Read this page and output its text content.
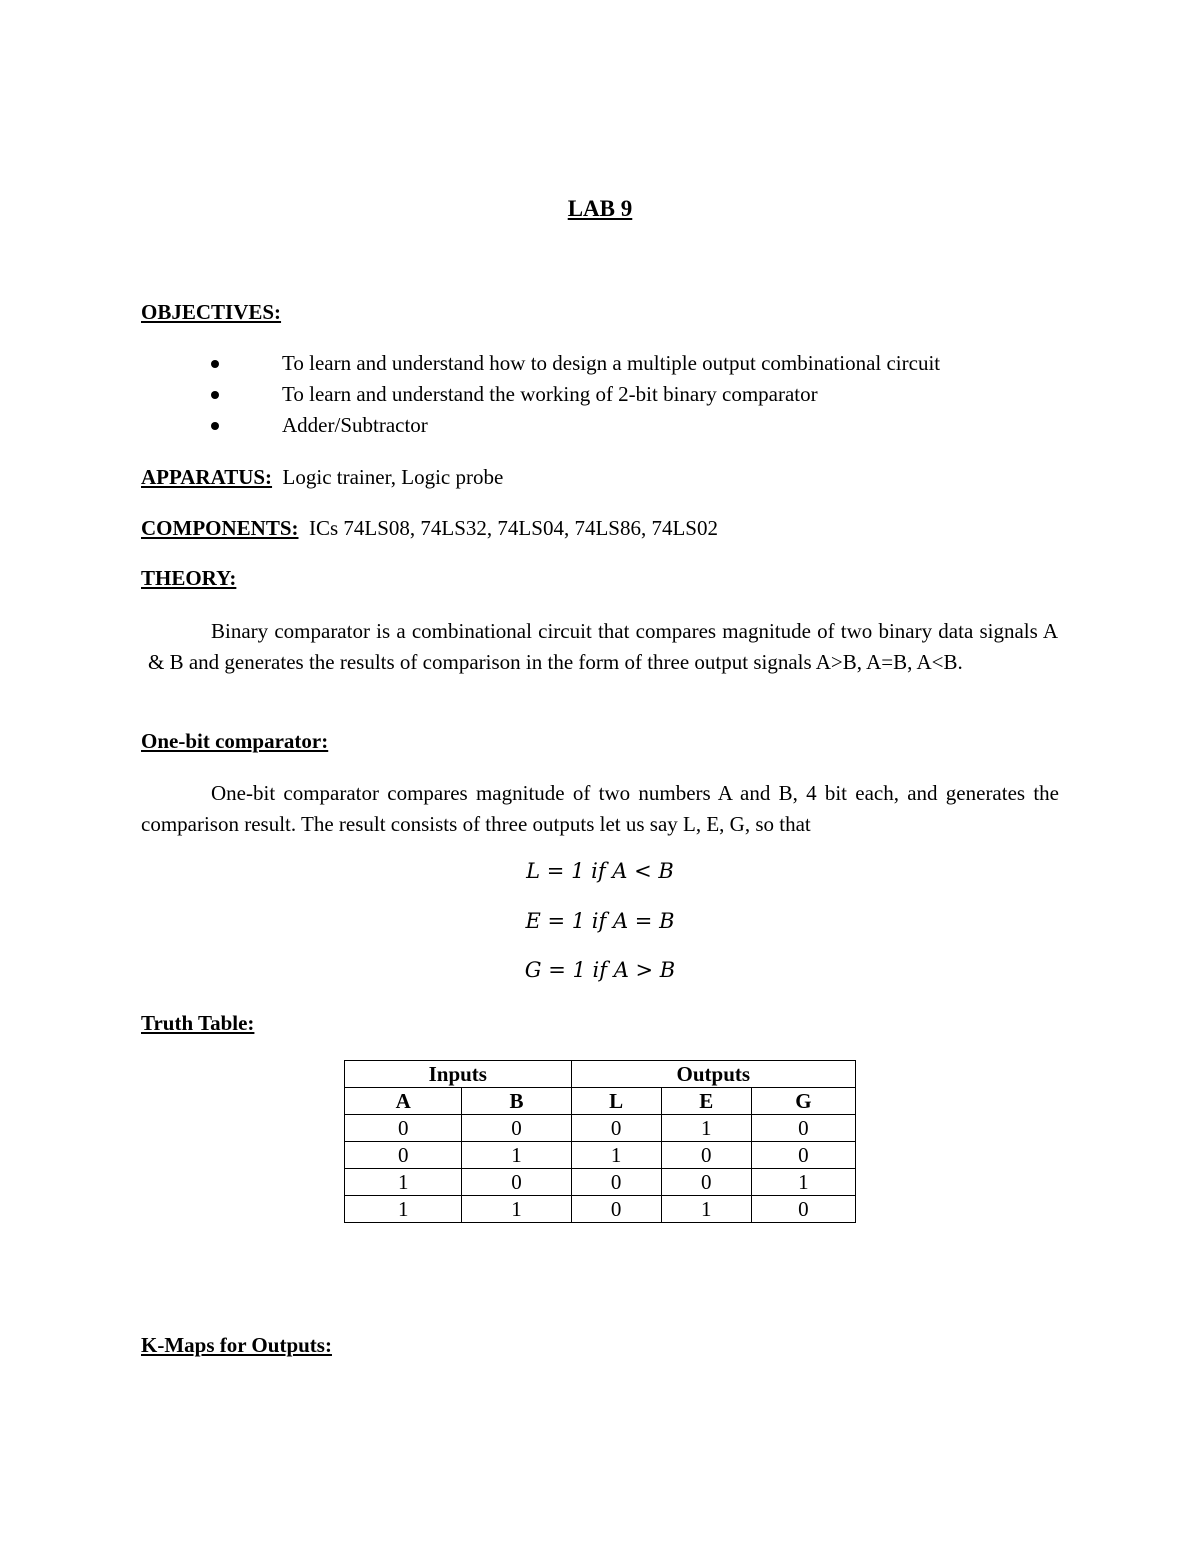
LAB 9
OBJECTIVES:
To learn and understand how to design a multiple output combinational circuit
To learn and understand the working of 2-bit binary comparator
Adder/Subtractor
APPARATUS: Logic trainer, Logic probe
COMPONENTS: ICs 74LS08, 74LS32, 74LS04, 74LS86, 74LS02
THEORY:
Binary comparator is a combinational circuit that compares magnitude of two binary data signals A & B and generates the results of comparison in the form of three output signals A>B, A=B, A<B.
One-bit comparator:
One-bit comparator compares magnitude of two numbers A and B, 4 bit each, and generates the comparison result. The result consists of three outputs let us say L, E, G, so that
L = 1 if A < B
E = 1 if A = B
G = 1 if A > B
Truth Table:
Inputs		Outputs		
A	B	L	E	G
0	0	0	1	0
0	1	1	0	0
1	0	0	0	1
1	1	0	1	0
K-Maps for Outputs:
